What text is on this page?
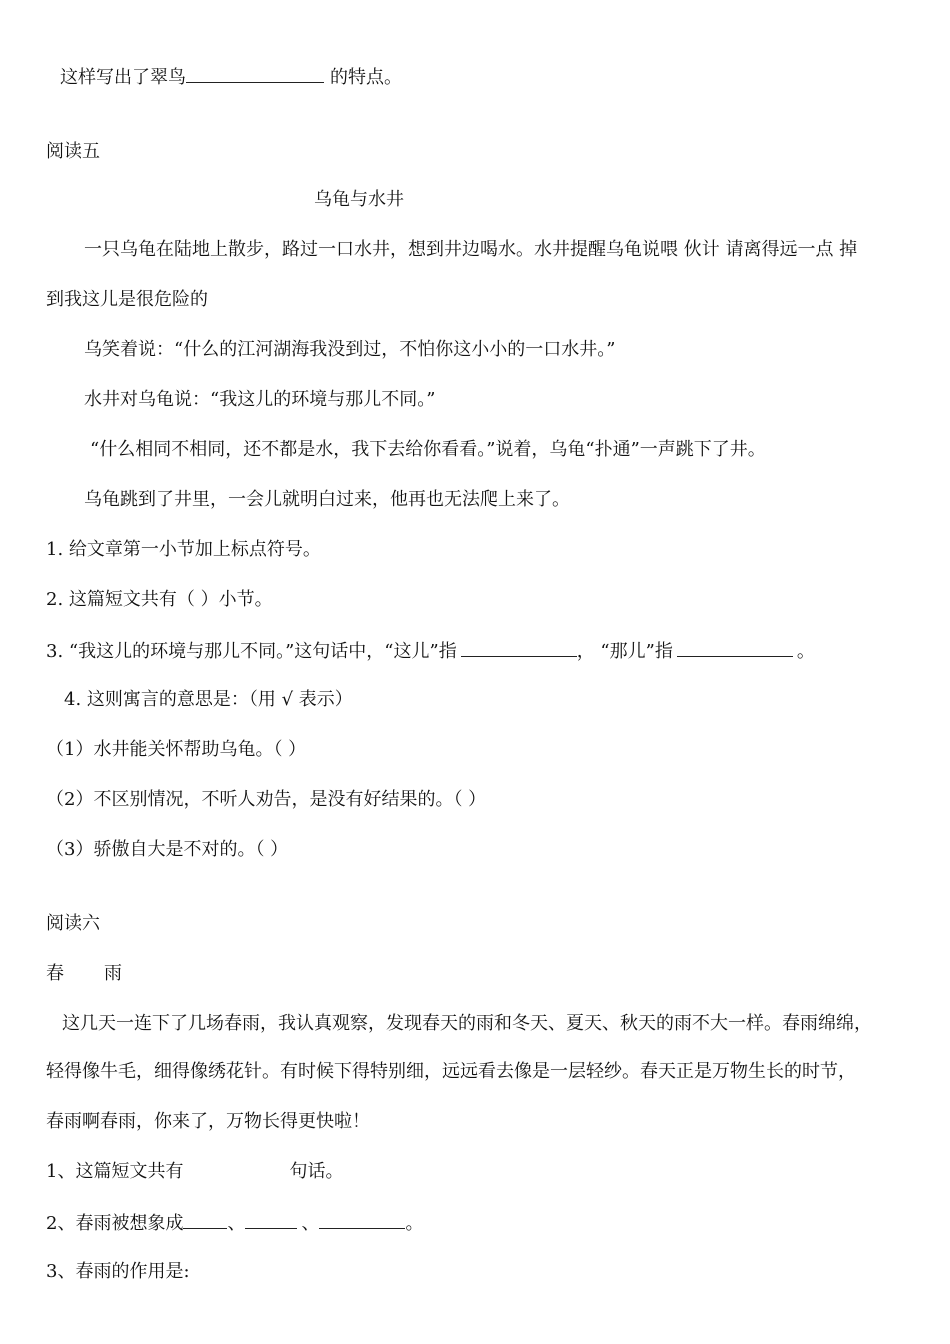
这样写出了翠鸟	的特点。
阅读五
乌龟与水井
一只乌龟在陆地上散步，路过一口水井，想到井边喝水。水井提醒乌龟说喂 伙计 请离得远一点 掉
到我这儿是很危险的
乌笑着说：“什么的江河湖海我没到过，不怕你这小小的一口水井。”
水井对乌龟说：“我这儿的环境与那儿不同。”
“什么相同不相同，还不都是水，我下去给你看看。”说着，乌龟“扑通”一声跳下了井。
乌龟跳到了井里，一会儿就明白过来，他再也无法爬上来了。
1. 给文章第一小节加上标点符号。
2. 这篇短文共有（ ）小节。
3. “我这儿的环境与那儿不同。”这句话中，“这儿”指	， “那儿”指	。
4. 这则寓言的意思是：（用 √ 表示）
（1）水井能关怀帮助乌龟。（ ）
（2）不区别情况，不听人劝告，是没有好结果的。（ ）
（3）骄傲自大是不对的。（ ）
阅读六
春 雨
这几天一连下了几场春雨，我认真观察，发现春天的雨和冬天、夏天、秋天的雨不大一样。春雨绵绵，
轻得像牛毛，细得像绣花针。有时候下得特别细，远远看去像是一层轻纱。春天正是万物生长的时节，
春雨啊春雨，你来了，万物长得更快啦！
1、这篇短文共有	句话。
2、春雨被想象成 、	、	。
3、春雨的作用是:
